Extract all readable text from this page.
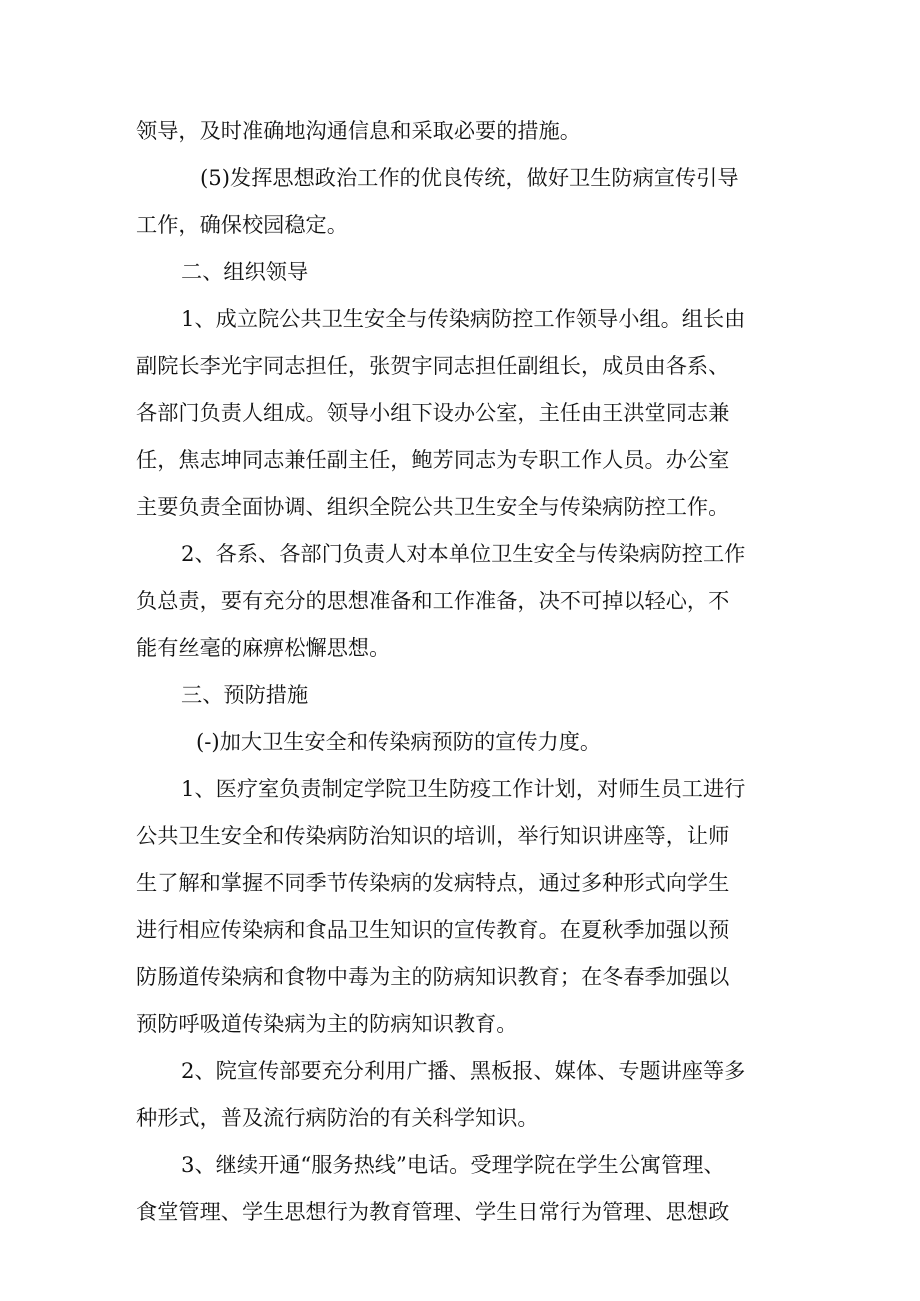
领导，及时准确地沟通信息和采取必要的措施。
(5)发挥思想政治工作的优良传统，做好卫生防病宣传引导
工作，确保校园稳定。
二、组织领导
1、成立院公共卫生安全与传染病防控工作领导小组。组长由
副院长李光宇同志担任，张贺宇同志担任副组长，成员由各系、
各部门负责人组成。领导小组下设办公室，主任由王洪堂同志兼
任，焦志坤同志兼任副主任，鲍芳同志为专职工作人员。办公室
主要负责全面协调、组织全院公共卫生安全与传染病防控工作。
2、各系、各部门负责人对本单位卫生安全与传染病防控工作
负总责，要有充分的思想准备和工作准备，决不可掉以轻心，不
能有丝毫的麻痹松懈思想。
三、预防措施
(-)加大卫生安全和传染病预防的宣传力度。
1、医疗室负责制定学院卫生防疫工作计划，对师生员工进行
公共卫生安全和传染病防治知识的培训，举行知识讲座等，让师
生了解和掌握不同季节传染病的发病特点，通过多种形式向学生
进行相应传染病和食品卫生知识的宣传教育。在夏秋季加强以预
防肠道传染病和食物中毒为主的防病知识教育；在冬春季加强以
预防呼吸道传染病为主的防病知识教育。
2、院宣传部要充分利用广播、黑板报、媒体、专题讲座等多
种形式，普及流行病防治的有关科学知识。
3、继续开通“服务热线”电话。受理学院在学生公寓管理、
食堂管理、学生思想行为教育管理、学生日常行为管理、思想政
